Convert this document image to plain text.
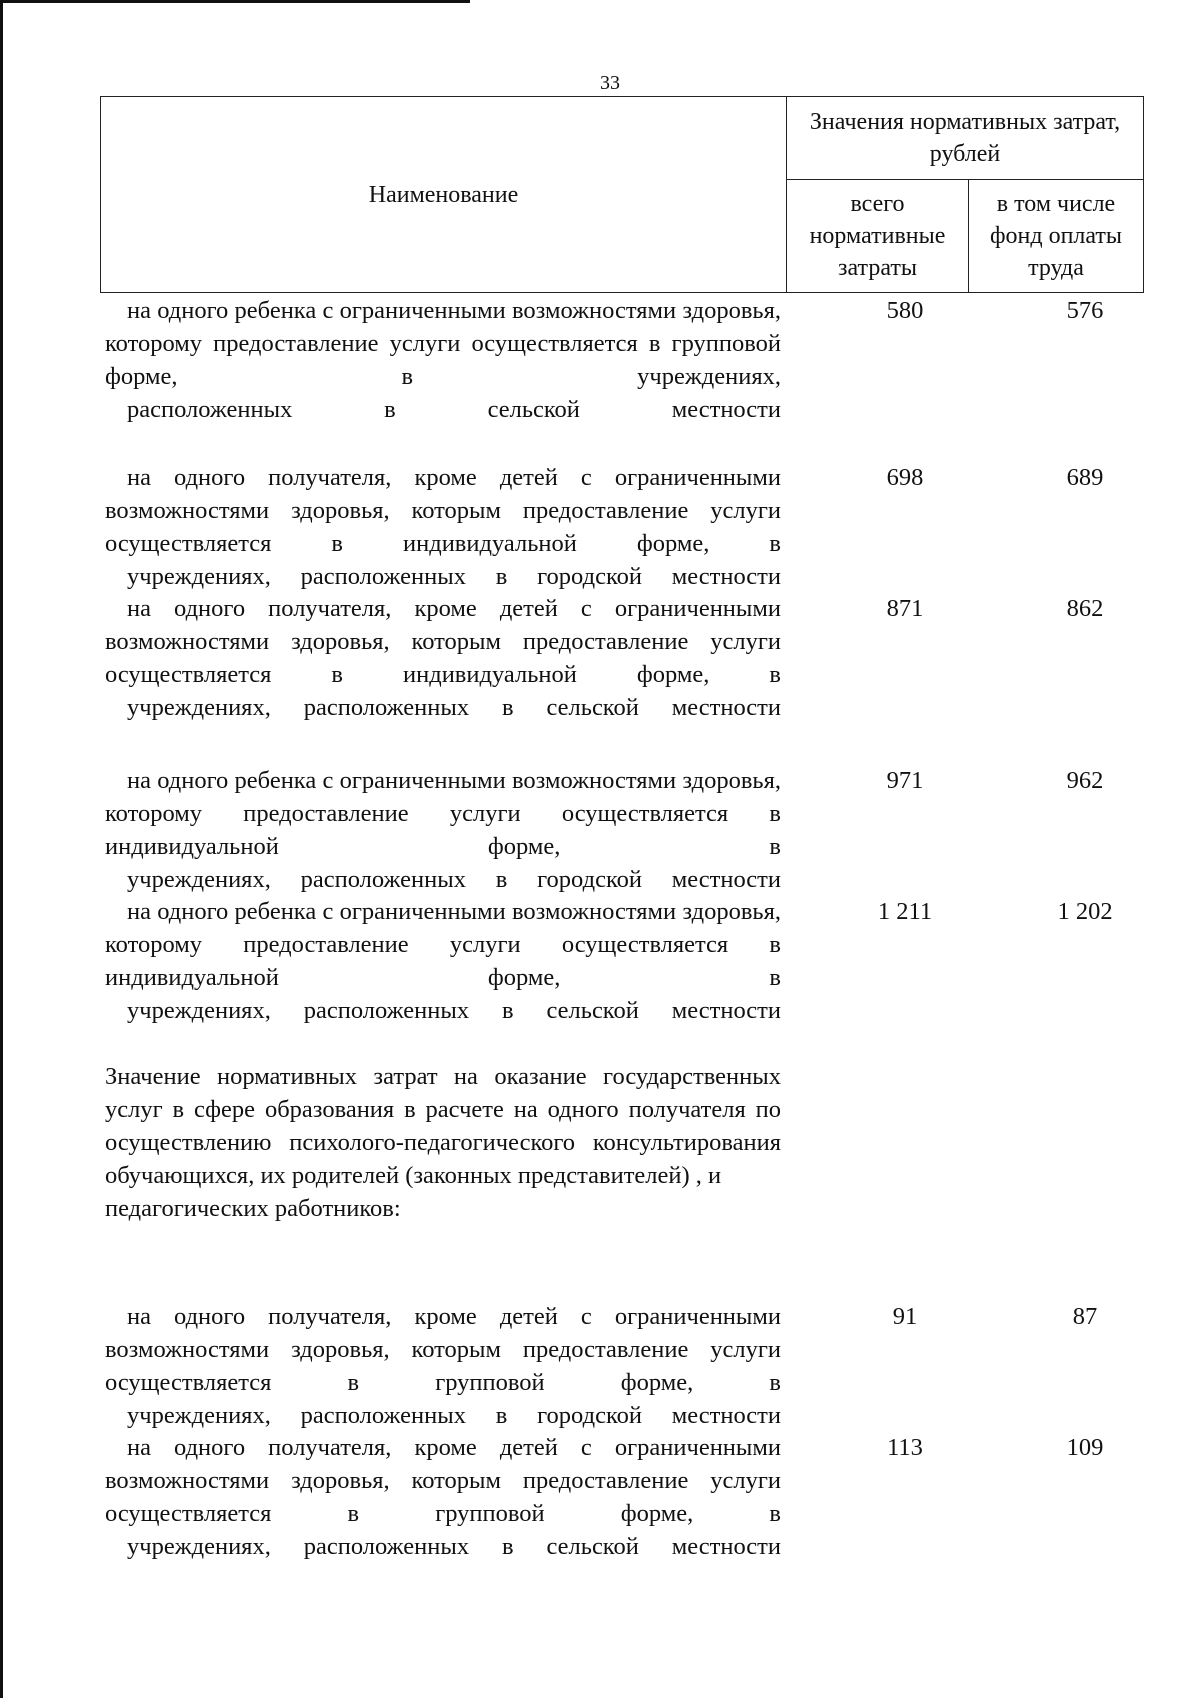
33
Наименование	Значения нормативных затрат, рублей	
	всего нормативные затраты	в том числе фонд оплаты труда
на одного ребенка с ограниченными возможностями здоровья, которому предоставление услуги осуществляется в групповой форме, в учреждениях,
расположенных в сельской местности
580	576
на одного получателя, кроме детей с ограниченными возможностями здоровья, которым предоставление услуги осуществляется в индивидуальной форме, в
учреждениях, расположенных в городской местности
698	689
на одного получателя, кроме детей с ограниченными возможностями здоровья, которым предоставление услуги осуществляется в индивидуальной форме, в
учреждениях, расположенных в сельской местности
871	862
на одного ребенка с ограниченными возможностями здоровья, которому предоставление услуги осуществляется в индивидуальной форме, в
учреждениях, расположенных в городской местности
971	962
на одного ребенка с ограниченными возможностями здоровья, которому предоставление услуги осуществляется в индивидуальной форме, в
учреждениях, расположенных в сельской местности
1 211	1 202
Значение нормативных затрат на оказание государственных услуг в сфере образования в расчете на одного получателя по осуществлению психолого-педагогического консультирования обучающихся, их родителей (законных представителей) , и
педагогических работников:
на одного получателя, кроме детей с ограниченными возможностями здоровья, которым предоставление услуги осуществляется в групповой форме, в
учреждениях, расположенных в городской местности
91	87
на одного получателя, кроме детей с ограниченными возможностями здоровья, которым предоставление услуги осуществляется в групповой форме, в
учреждениях, расположенных в сельской местности
113	109
